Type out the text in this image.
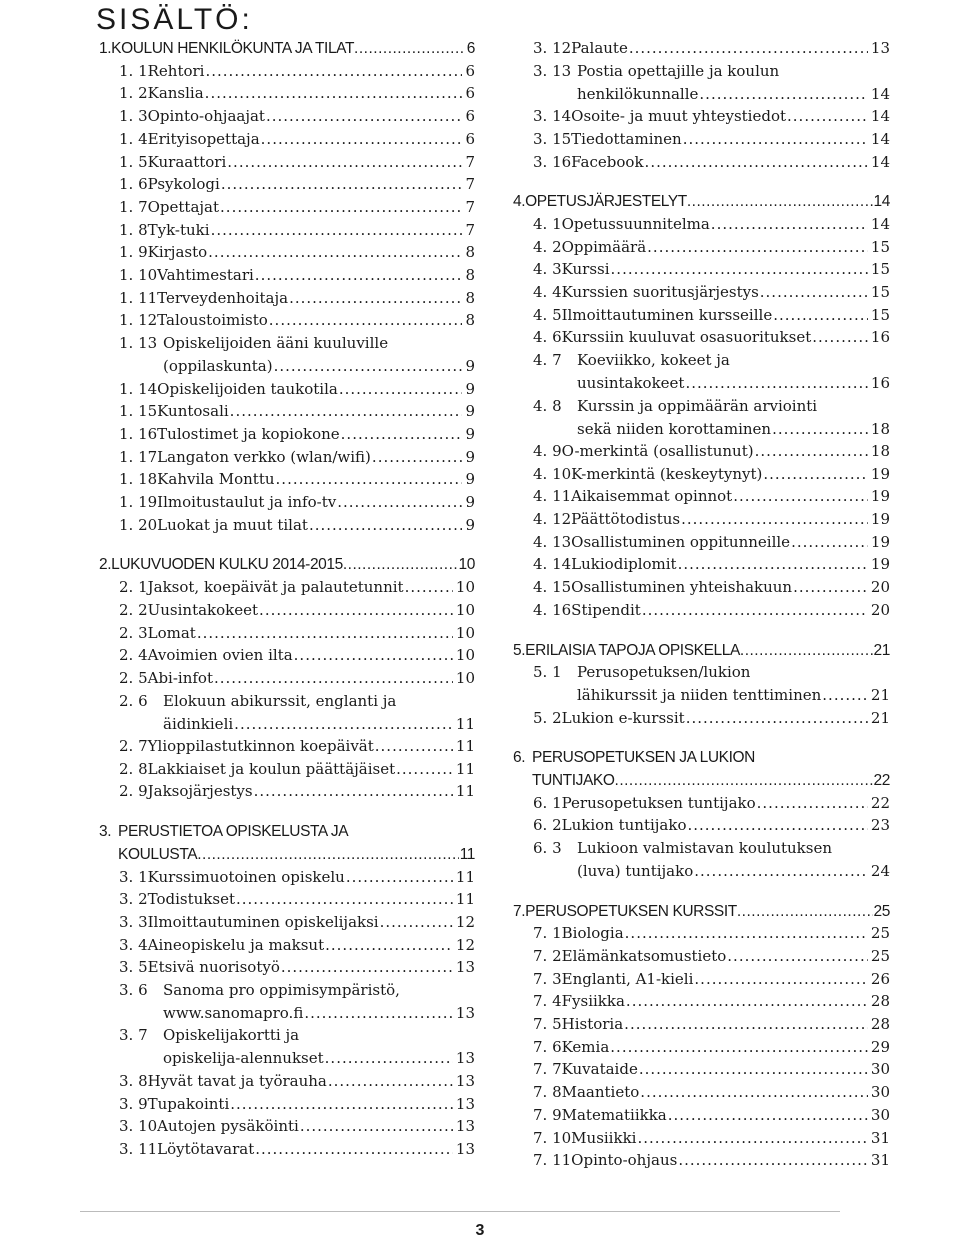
SISÄLTÖ:
1. KOULUN HENKILÖKUNTA JA TILAT .....	6
1. 1 Rehtori .....	6
1. 2 Kanslia .....	6
1. 3 Opinto-ohjaajat .....	6
1. 4 Erityisopettaja .....	6
1. 5 Kuraattori .....	7
1. 6 Psykologi .....	7
1. 7 Opettajat .....	7
1. 8 Tyk-tuki .....	7
1. 9 Kirjasto .....	8
1. 10 Vahtimestari .....	8
1. 11 Terveydenhoitaja .....	8
1. 12 Taloustoimisto .....	8
1. 13 Opiskelijoiden ääni kuuluville
(oppilaskunta) .....	9
1. 14 Opiskelijoiden taukotila .....	9
1. 15 Kuntosali .....	9
1. 16 Tulostimet ja kopiokone .....	9
1. 17 Langaton verkko (wlan/wifi) .....	9
1. 18 Kahvila Monttu .....	9
1. 19 Ilmoitustaulut ja info-tv .....	9
1. 20 Luokat ja muut tilat .....	9
2. LUKUVUODEN KULKU 2014-2015 .....	10
2. 1 Jaksot, koepäivät ja palautetunnit .....	10
2. 2 Uusintakokeet .....	10
2. 3 Lomat .....	10
2. 4 Avoimien ovien ilta .....	10
2. 5 Abi-infot .....	10
2. 6 Elokuun abikurssit, englanti ja
äidinkieli .....	11
2. 7 Ylioppilastutkinnon koepäivät .....	11
2. 8 Lakkiaiset ja koulun päättäjäiset .....	11
2. 9 Jaksojärjestys .....	11
3. PERUSTIETOA OPISKELUSTA JA
KOULUSTA .....	11
3. 1 Kurssimuotoinen opiskelu .....	11
3. 2 Todistukset .....	11
3. 3 Ilmoittautuminen opiskelijaksi .....	12
3. 4 Aineopiskelu ja maksut .....	12
3. 5 Etsivä nuorisotyö .....	13
3. 6 Sanoma pro oppimisympäristö,
www.sanomapro.fi .....	13
3. 7 Opiskelijakortti ja
opiskelija-alennukset .....	13
3. 8 Hyvät tavat ja työrauha .....	13
3. 9 Tupakointi .....	13
3. 10 Autojen pysäköinti .....	13
3. 11 Löytötavarat .....	13
3. 12 Palaute .....	13
3. 13 Postia opettajille ja koulun
henkilökunnalle .....	14
3. 14 Osoite- ja muut yhteystiedot .....	14
3. 15 Tiedottaminen .....	14
3. 16 Facebook .....	14
4. OPETUSJÄRJESTELYT .....	14
4. 1 Opetussuunnitelma .....	14
4. 2 Oppimäärä .....	15
4. 3 Kurssi .....	15
4. 4 Kurssien suoritusjärjestys .....	15
4. 5 Ilmoittautuminen kursseille .....	15
4. 6 Kurssiin kuuluvat osasuoritukset .....	16
4. 7 Koeviikko, kokeet ja
uusintakokeet .....	16
4. 8 Kurssin ja oppimäärän arviointi
sekä niiden korottaminen .....	18
4. 9 O-merkintä (osallistunut) .....	18
4. 10 K-merkintä (keskeytynyt) .....	19
4. 11 Aikaisemmat opinnot .....	19
4. 12 Päättötodistus .....	19
4. 13 Osallistuminen oppitunneille .....	19
4. 14 Lukiodiplomit .....	19
4. 15 Osallistuminen yhteishakuun .....	20
4. 16 Stipendit .....	20
5. ERILAISIA TAPOJA OPISKELLA .....	21
5. 1 Perusopetuksen/lukion
lähikurssit ja niiden tenttiminen .....	21
5. 2 Lukion e-kurssit .....	21
6. PERUSOPETUKSEN JA LUKION
TUNTIJAKO .....	22
6. 1 Perusopetuksen tuntijako .....	22
6. 2 Lukion tuntijako .....	23
6. 3 Lukioon valmistavan koulutuksen
(luva) tuntijako .....	24
7. PERUSOPETUKSEN KURSSIT .....	25
7. 1 Biologia .....	25
7. 2 Elämänkatsomustieto .....	25
7. 3 Englanti, A1-kieli .....	26
7. 4 Fysiikka .....	28
7. 5 Historia .....	28
7. 6 Kemia .....	29
7. 7 Kuvataide .....	30
7. 8 Maantieto .....	30
7. 9 Matematiikka .....	30
7. 10 Musiikki .....	31
7. 11 Opinto-ohjaus .....	31
3
